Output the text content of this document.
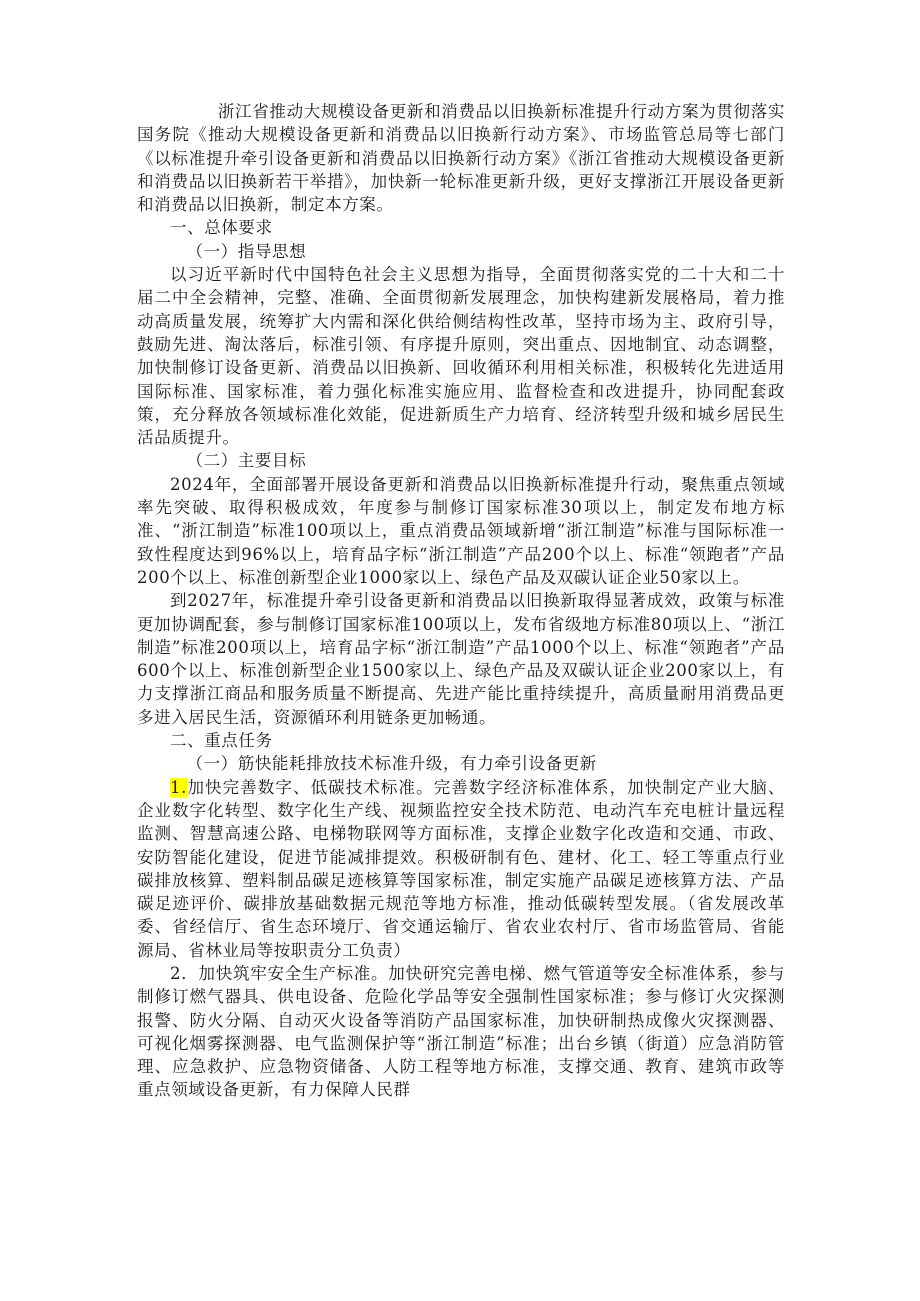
浙江省推动大规模设备更新和消费品以旧换新标准提升行动方案为贯彻落实国务院《推动大规模设备更新和消费品以旧换新行动方案》、市场监管总局等七部门《以标准提升牵引设备更新和消费品以旧换新行动方案》《浙江省推动大规模设备更新和消费品以旧换新若干举措》，加快新一轮标准更新升级，更好支撑浙江开展设备更新和消费品以旧换新，制定本方案。

一、总体要求

（一）指导思想

以习近平新时代中国特色社会主义思想为指导，全面贯彻落实党的二十大和二十届二中全会精神，完整、准确、全面贯彻新发展理念，加快构建新发展格局，着力推动高质量发展，统筹扩大内需和深化供给侧结构性改革，坚持市场为主、政府引导，鼓励先进、淘汰落后，标准引领、有序提升原则，突出重点、因地制宜、动态调整，加快制修订设备更新、消费品以旧换新、回收循环利用相关标准，积极转化先进适用国际标准、国家标准，着力强化标准实施应用、监督检查和改进提升，协同配套政策，充分释放各领域标准化效能，促进新质生产力培育、经济转型升级和城乡居民生活品质提升。

（二）主要目标

2024年，全面部署开展设备更新和消费品以旧换新标准提升行动，聚焦重点领域率先突破、取得积极成效，年度参与制修订国家标准30项以上，制定发布地方标准、“浙江制造”标准100项以上，重点消费品领域新增“浙江制造”标准与国际标准一致性程度达到96%以上，培育品字标“浙江制造”产品200个以上、标准“领跑者”产品200个以上、标准创新型企业1000家以上、绿色产品及双碳认证企业50家以上。

到2027年，标准提升牵引设备更新和消费品以旧换新取得显著成效，政策与标准更加协调配套，参与制修订国家标准100项以上，发布省级地方标准80项以上、“浙江制造”标准200项以上，培育品字标“浙江制造”产品1000个以上、标准“领跑者”产品600个以上、标准创新型企业1500家以上、绿色产品及双碳认证企业200家以上，有力支撑浙江商品和服务质量不断提高、先进产能比重持续提升，高质量耐用消费品更多进入居民生活，资源循环利用链条更加畅通。

二、重点任务

（一）筋快能耗排放技术标准升级，有力牵引设备更新

1.加快完善数字、低碳技术标准。完善数字经济标准体系，加快制定产业大脑、企业数字化转型、数字化生产线、视频监控安全技术防范、电动汽车充电桩计量远程监测、智慧高速公路、电梯物联网等方面标准，支撑企业数字化改造和交通、市政、安防智能化建设，促进节能减排提效。积极研制有色、建材、化工、轻工等重点行业碳排放核算、塑料制品碳足迹核算等国家标准，制定实施产品碳足迹核算方法、产品碳足迹评价、碳排放基础数据元规范等地方标准，推动低碳转型发展。（省发展改革委、省经信厅、省生态环境厅、省交通运输厅、省农业农村厅、省市场监管局、省能源局、省林业局等按职责分工负责）

2．加快筑牢安全生产标准。加快研究完善电梯、燃气管道等安全标准体系，参与制修订燃气器具、供电设备、危险化学品等安全强制性国家标准；参与修订火灾探测报警、防火分隔、自动灭火设备等消防产品国家标准，加快研制热成像火灾探测器、可视化烟雾探测器、电气监测保护等“浙江制造”标准；出台乡镇（街道）应急消防管理、应急救护、应急物资储备、人防工程等地方标准，支撑交通、教育、建筑市政等重点领域设备更新，有力保障人民群
